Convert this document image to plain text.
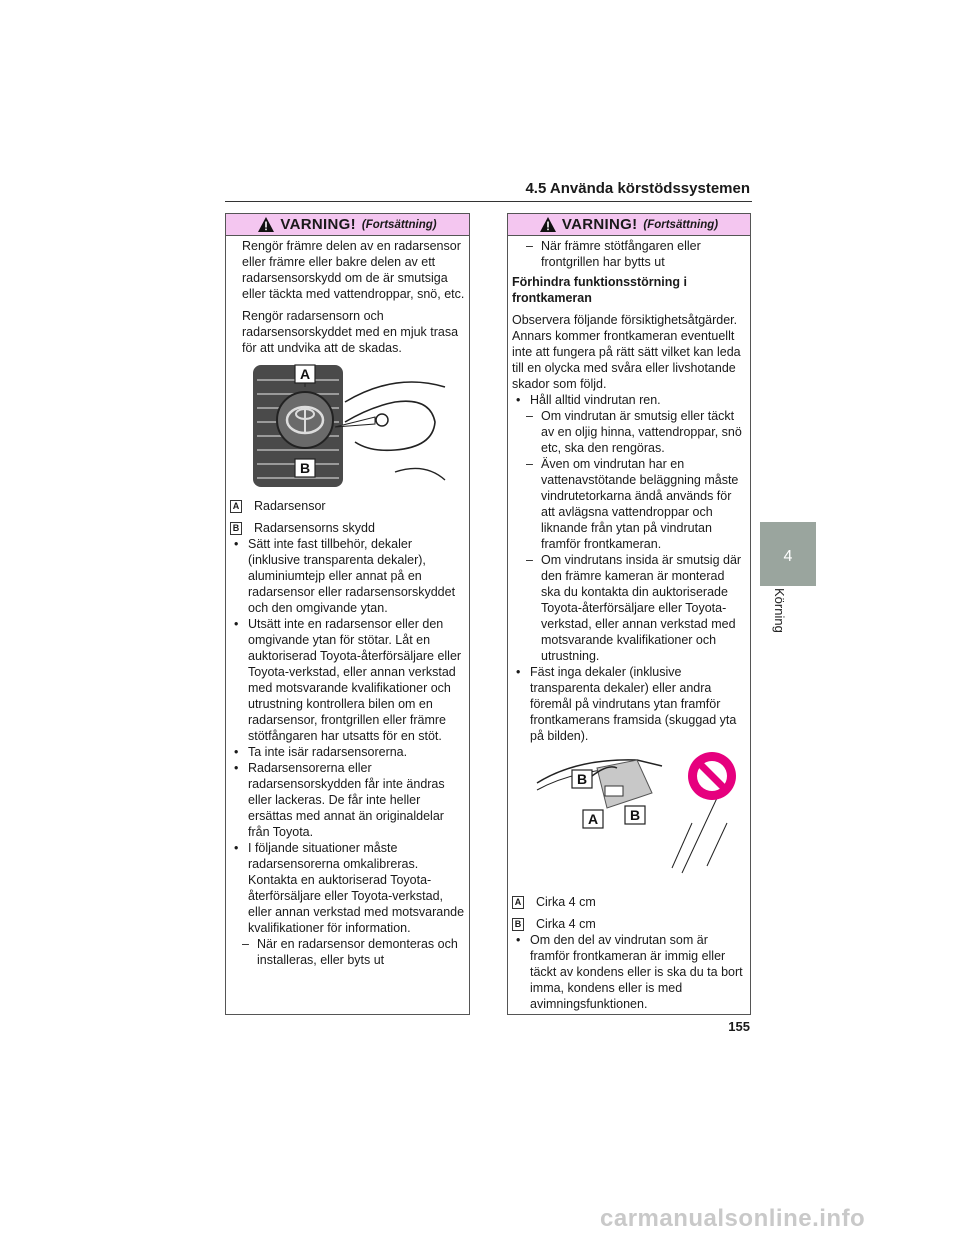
4.5 Använda körstödssystemen
VARNING! (Fortsättning)

Rengör främre delen av en radarsensor eller främre eller bakre delen av ett radarsensorskydd om de är smutsiga eller täckta med vattendroppar, snö, etc.

Rengör radarsensorn och radarsensorskyddet med en mjuk trasa för att undvika att de skadas.

A
B
A Radarsensor
B Radarsensorns skydd
• Sätt inte fast tillbehör, dekaler (inklusive transparenta dekaler), aluminiumtejp eller annat på en radarsensor eller radarsensorskyddet och den omgivande ytan.
• Utsätt inte en radarsensor eller den omgivande ytan för stötar. Låt en auktoriserad Toyota-återförsäljare eller Toyota-verkstad, eller annan verkstad med motsvarande kvalifikationer och utrustning kontrollera bilen om en radarsensor, frontgrillen eller främre stötfångaren har utsatts för en stöt.
• Ta inte isär radarsensorerna.
• Radarsensorerna eller radarsensorskydden får inte ändras eller lackeras. De får inte heller ersättas med annat än originaldelar från Toyota.
• I följande situationer måste radarsensorerna omkalibreras. Kontakta en auktoriserad Toyota-återförsäljare eller Toyota-verkstad, eller annan verkstad med motsvarande kvalifikationer för information.
– När en radarsensor demonteras och installeras, eller byts ut
VARNING! (Fortsättning)
– När främre stötfångaren eller frontgrillen har bytts ut

Förhindra funktionsstörning i frontkameran

Observera följande försiktighetsåtgärder. Annars kommer frontkameran eventuellt inte att fungera på rätt sätt vilket kan leda till en olycka med svåra eller livshotande skador som följd.

• Håll alltid vindrutan ren.
– Om vindrutan är smutsig eller täckt av en oljig hinna, vattendroppar, snö etc, ska den rengöras.
– Även om vindrutan har en vattenavstötande beläggning måste vindrutetorkarna ändå används för att avlägsna vattendroppar och liknande från ytan på vindrutan framför frontkameran.
– Om vindrutans insida är smutsig där den främre kameran är monterad ska du kontakta din auktoriserade Toyota-återförsäljare eller Toyota-verkstad, eller annan verkstad med motsvarande kvalifikationer och utrustning.
• Fäst inga dekaler (inklusive transparenta dekaler) eller andra föremål på vindrutans ytan framför frontkamerans framsida (skuggad yta på bilden).
B
A B
A Cirka 4 cm
B Cirka 4 cm
• Om den del av vindrutan som är framför frontkameran är immig eller täckt av kondens eller is ska du ta bort imma, kondens eller is med avimningsfunktionen.
4
Körning
155
carmanualsonline.info
